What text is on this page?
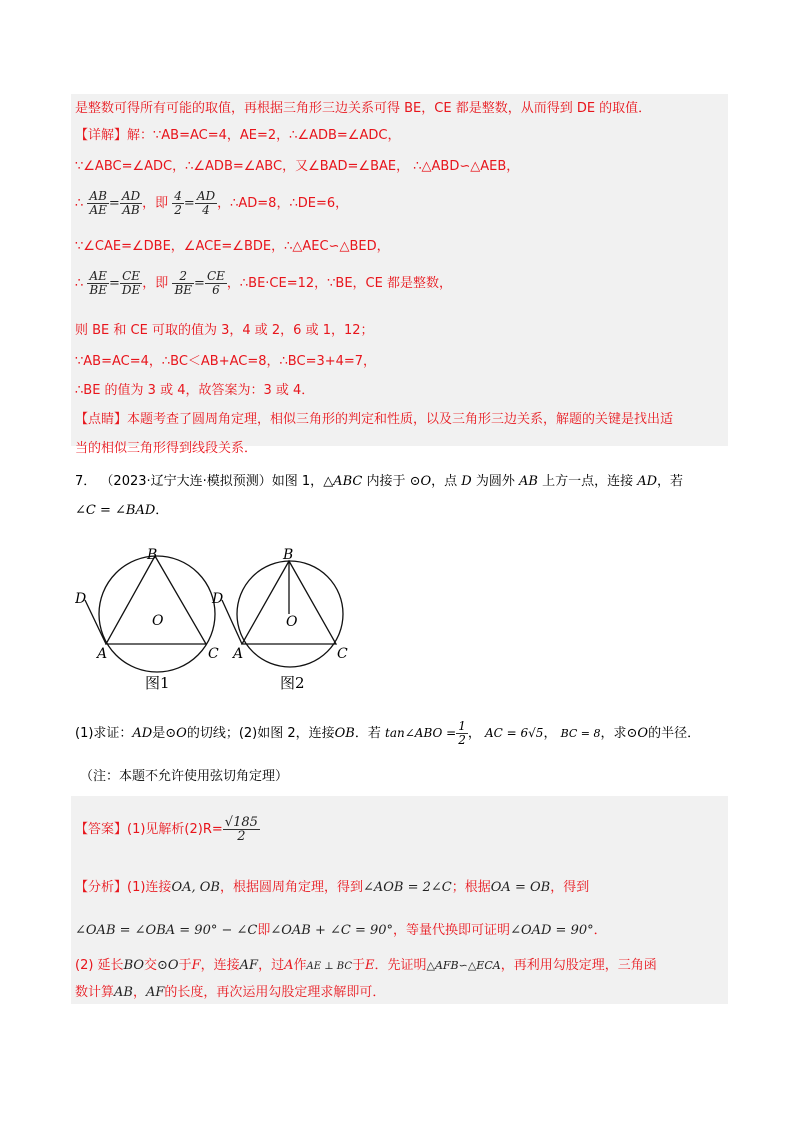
是整数可得所有可能的取值，再根据三角形三边关系可得 BE，CE 都是整数，从而得到 DE 的取值．
【详解】解：∵AB=AC=4，AE=2，∴∠ADB=∠ADC，
∵∠ABC=∠ADC，∴∠ADB=∠ABC，又∠BAD=∠BAE， ∴△ABD∽△AEB，
∴ $\frac{AB}{AE} = \frac{AD}{AB}$ ，即 $\frac{4}{2} = \frac{AD}{4}$ ，∴AD=8，∴DE=6，
∵∠CAE=∠DBE，∠ACE=∠BDE，∴△AEC∽△BED，
∴ $\frac{AE}{BE} = \frac{CE}{DE}$ ，即 $\frac{2}{BE} = \frac{CE}{6}$ ，∴BE·CE=12，∵BE，CE 都是整数，
则 BE 和 CE 可取的值为 3，4 或 2，6 或 1，12；
∵AB=AC=4，∴BC＜AB+AC=8，∴BC=3+4=7，
∴BE 的值为 3 或 4，故答案为：3 或 4．
【点睛】本题考查了圆周角定理，相似三角形的判定和性质，以及三角形三边关系，解题的关键是找出适
当的相似三角形得到线段关系．
7． （2023·辽宁大连·模拟预测）如图 1，△ABC 内接于 ⊙O，点 D 为圆外 AB 上方一点，连接 AD，若
∠C = ∠BAD．
B
O
D
A	C
图1
B
O
D
A	C
图2
(1)求证：AD是⊙O的切线；(2)如图 2，连接OB．若 tan∠ABO = $\frac{1}{2}$ ， AC = 6√5， BC = 8，求⊙O的半径．
（注：本题不允许使用弦切角定理）
【答案】(1)见解析$(2)R= \frac{√185}{2}$
【分析】(1)连接OA, OB，根据圆周角定理，得到∠AOB = 2∠C；根据OA = OB，得到
∠OAB = ∠OBA = 90° − ∠C即∠OAB + ∠C = 90°，等量代换即可证明∠OAD = 90°．
(2) 延长BO交⊙O于F，连接AF，过A作AE ⊥ BC于E．先证明△AFB∽△ECA，再利用勾股定理，三角函
数计算AB，AF的长度，再次运用勾股定理求解即可．
